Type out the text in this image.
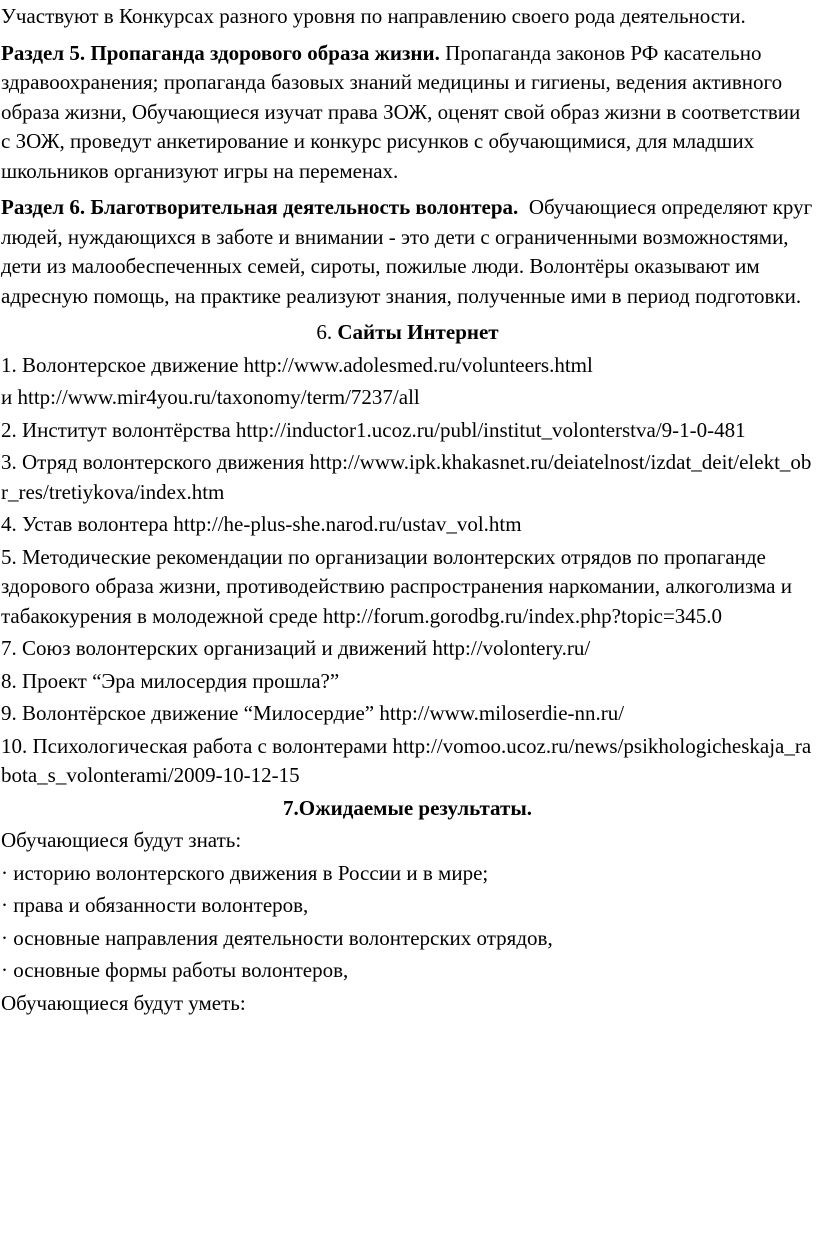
Участвуют в Конкурсах разного уровня по направлению своего рода деятельности.

Раздел 5. Пропаганда здорового образа жизни. Пропаганда законов РФ касательно здравоохранения; пропаганда базовых знаний медицины и гигиены, ведения активного образа жизни, Обучающиеся изучат права ЗОЖ, оценят свой образ жизни в соответствии с ЗОЖ, проведут анкетирование и конкурс рисунков с обучающимися, для младших школьников организуют игры на переменах.

Раздел 6. Благотворительная деятельность волонтера. Обучающиеся определяют круг людей, нуждающихся в заботе и внимании - это дети с ограниченными возможностями, дети из малообеспеченных семей, сироты, пожилые люди. Волонтёры оказывают им адресную помощь, на практике реализуют знания, полученные ими в период подготовки.

6. Сайты Интернет

1. Волонтерское движение http://www.adolesmed.ru/volunteers.html

и http://www.mir4you.ru/taxonomy/term/7237/all

2. Институт волонтёрства http://inductor1.ucoz.ru/publ/institut_volonterstva/9-1-0-481

3. Отряд волонтерского движения http://www.ipk.khakasnet.ru/deiatelnost/izdat_deit/elekt_obr_res/tretiykova/index.htm

4. Устав волонтера http://he-plus-she.narod.ru/ustav_vol.htm

5. Методические рекомендации по организации волонтерских отрядов по пропаганде здорового образа жизни, противодействию распространения наркомании, алкоголизма и табакокурения в молодежной среде http://forum.gorodbg.ru/index.php?topic=345.0

7. Союз волонтерских организаций и движений http://volontery.ru/

8. Проект “Эра милосердия прошла?”

9. Волонтёрское движение “Милосердие” http://www.miloserdie-nn.ru/

10. Психологическая работа с волонтерами http://vomoo.ucoz.ru/news/psikhologicheskaja_rabota_s_volonterami/2009-10-12-15

7.Ожидаемые результаты.

Обучающиеся будут знать:

· историю волонтерского движения в России и в мире;

· права и обязанности волонтеров,

· основные направления деятельности волонтерских отрядов,

· основные формы работы волонтеров,

Обучающиеся будут уметь:
